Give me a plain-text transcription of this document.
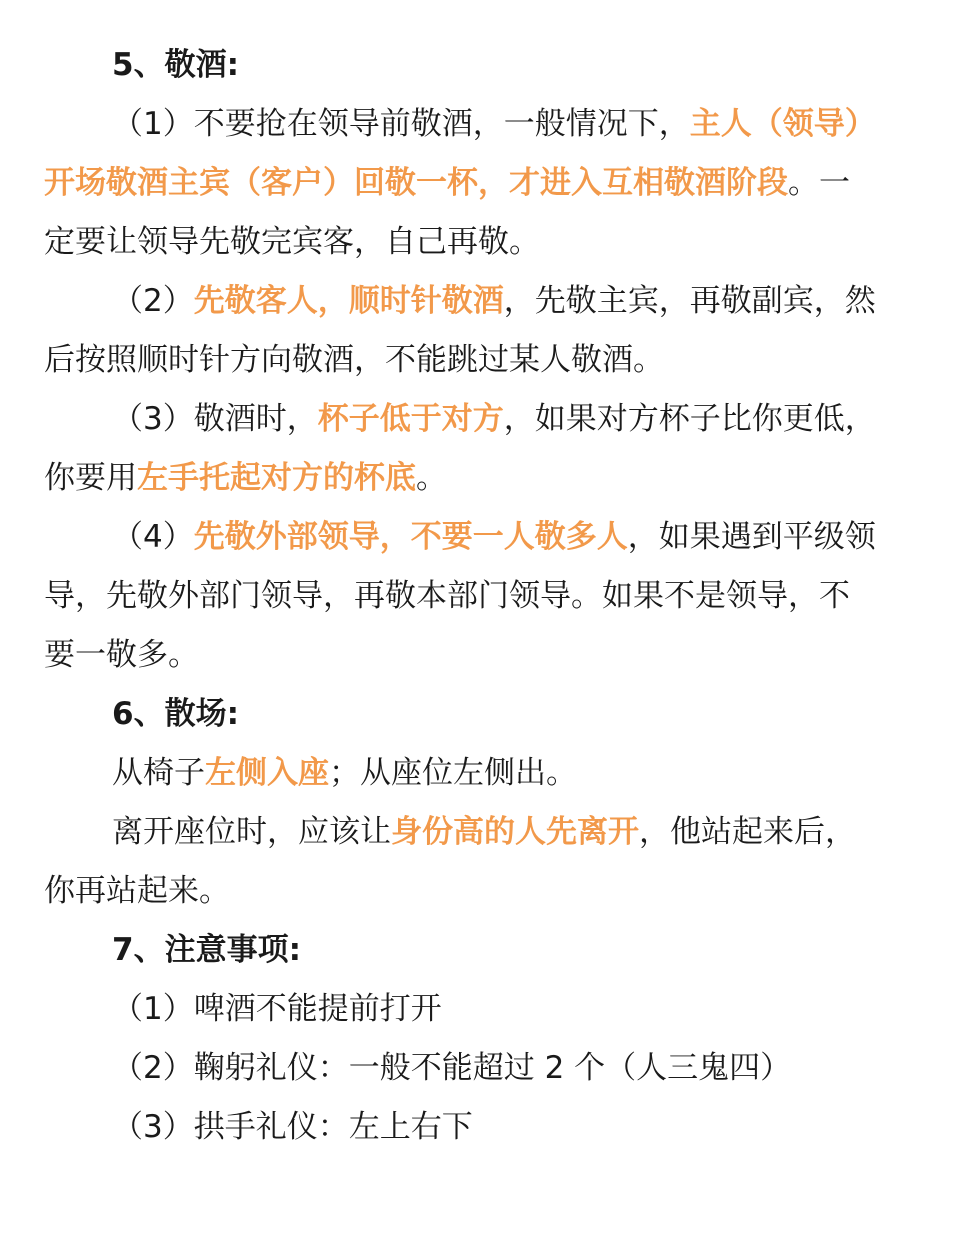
5、敬酒:
（1）不要抢在领导前敬酒，一般情况下，主人（领导）
开场敬酒主宾（客户）回敬一杯，才进入互相敬酒阶段。一
定要让领导先敬完宾客，自己再敬。
（2）先敬客人，顺时针敬酒，先敬主宾，再敬副宾，然
后按照顺时针方向敬酒，不能跳过某人敬酒。
（3）敬酒时，杯子低于对方，如果对方杯子比你更低，
你要用左手托起对方的杯底。
（4）先敬外部领导，不要一人敬多人，如果遇到平级领
导，先敬外部门领导，再敬本部门领导。如果不是领导，不
要一敬多。
6、散场:
从椅子左侧入座；从座位左侧出。
离开座位时，应该让身份高的人先离开，他站起来后，
你再站起来。
7、注意事项:
（1）啤酒不能提前打开
（2）鞠躬礼仪：一般不能超过 2 个（人三鬼四）
（3）拱手礼仪：左上右下
